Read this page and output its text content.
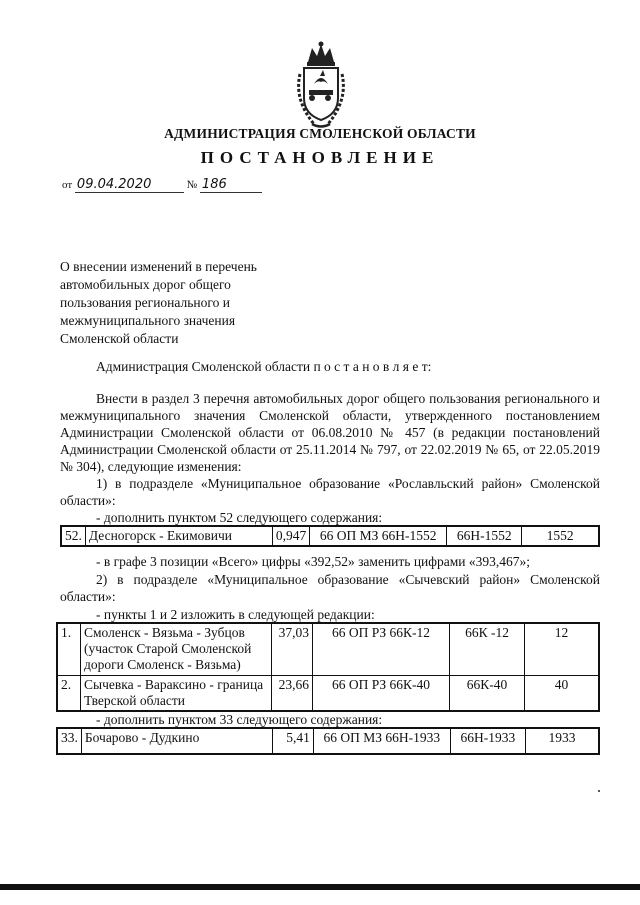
АДМИНИСТРАЦИЯ СМОЛЕНСКОЙ ОБЛАСТИ
ПОСТАНОВЛЕНИЕ
от 09.04.2020	№ 186
О внесении изменений в перечень
автомобильных дорог общего
пользования регионального и
межмуниципального значения
Смоленской области
Администрация Смоленской области п о с т а н о в л я е т:
Внести в раздел 3 перечня автомобильных дорог общего пользования регионального и межмуниципального значения Смоленской области, утвержденного постановлением Администрации Смоленской области от 06.08.2010 № 457 (в редакции постановлений Администрации Смоленской области от 25.11.2014 № 797, от 22.02.2019 № 65, от 22.05.2019 № 304), следующие изменения:
1) в подразделе «Муниципальное образование «Рославльский район» Смоленской области»:
- дополнить пунктом 52 следующего содержания:
52.	Десногорск - Екимовичи	0,947	66 ОП МЗ 66Н-1552	66Н-1552	1552
- в графе 3 позиции «Всего» цифры «392,52» заменить цифрами «393,467»;
2) в подразделе «Муниципальное образование «Сычевский район» Смоленской области»:
- пункты 1 и 2 изложить в следующей редакции:
1.	Смоленск - Вязьма - Зубцов (участок Старой Смоленской дороги Смоленск - Вязьма)	37,03	66 ОП РЗ 66К-12	66К -12	12
2.	Сычевка - Вараксино - граница Тверской области	23,66	66 ОП РЗ 66К-40	66К-40	40
- дополнить пунктом 33 следующего содержания:
33.	Бочарово - Дудкино	5,41	66 ОП МЗ 66Н-1933	66Н-1933	1933
